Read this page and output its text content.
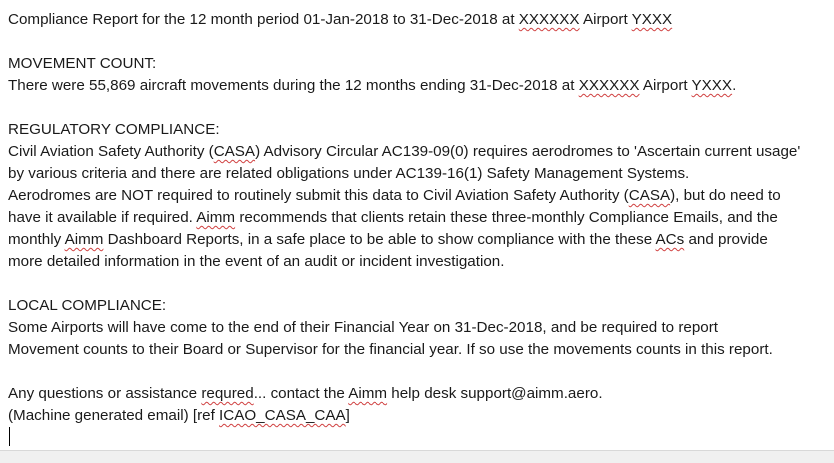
Compliance Report for the 12 month period 01-Jan-2018 to 31-Dec-2018 at XXXXXX Airport YXXX
MOVEMENT COUNT:
There were 55,869 aircraft movements during the 12 months ending 31-Dec-2018 at XXXXXX Airport YXXX.
REGULATORY COMPLIANCE:
Civil Aviation Safety Authority (CASA) Advisory Circular AC139-09(0) requires aerodromes to 'Ascertain current usage'
by various criteria and there are related obligations under AC139-16(1) Safety Management Systems.
Aerodromes are NOT required to routinely submit this data to Civil Aviation Safety Authority (CASA), but do need to
have it available if required. Aimm recommends that clients retain these three-monthly Compliance Emails, and the
monthly Aimm Dashboard Reports, in a safe place to be able to show compliance with the these ACs and provide
more detailed information in the event of an audit or incident investigation.
LOCAL COMPLIANCE:
Some Airports will have come to the end of their Financial Year on 31-Dec-2018, and be required to report
Movement counts to their Board or Supervisor for the financial year. If so use the movements counts in this report.
Any questions or assistance requred... contact the Aimm help desk support@aimm.aero.
(Machine generated email) [ref ICAO_CASA_CAA]
